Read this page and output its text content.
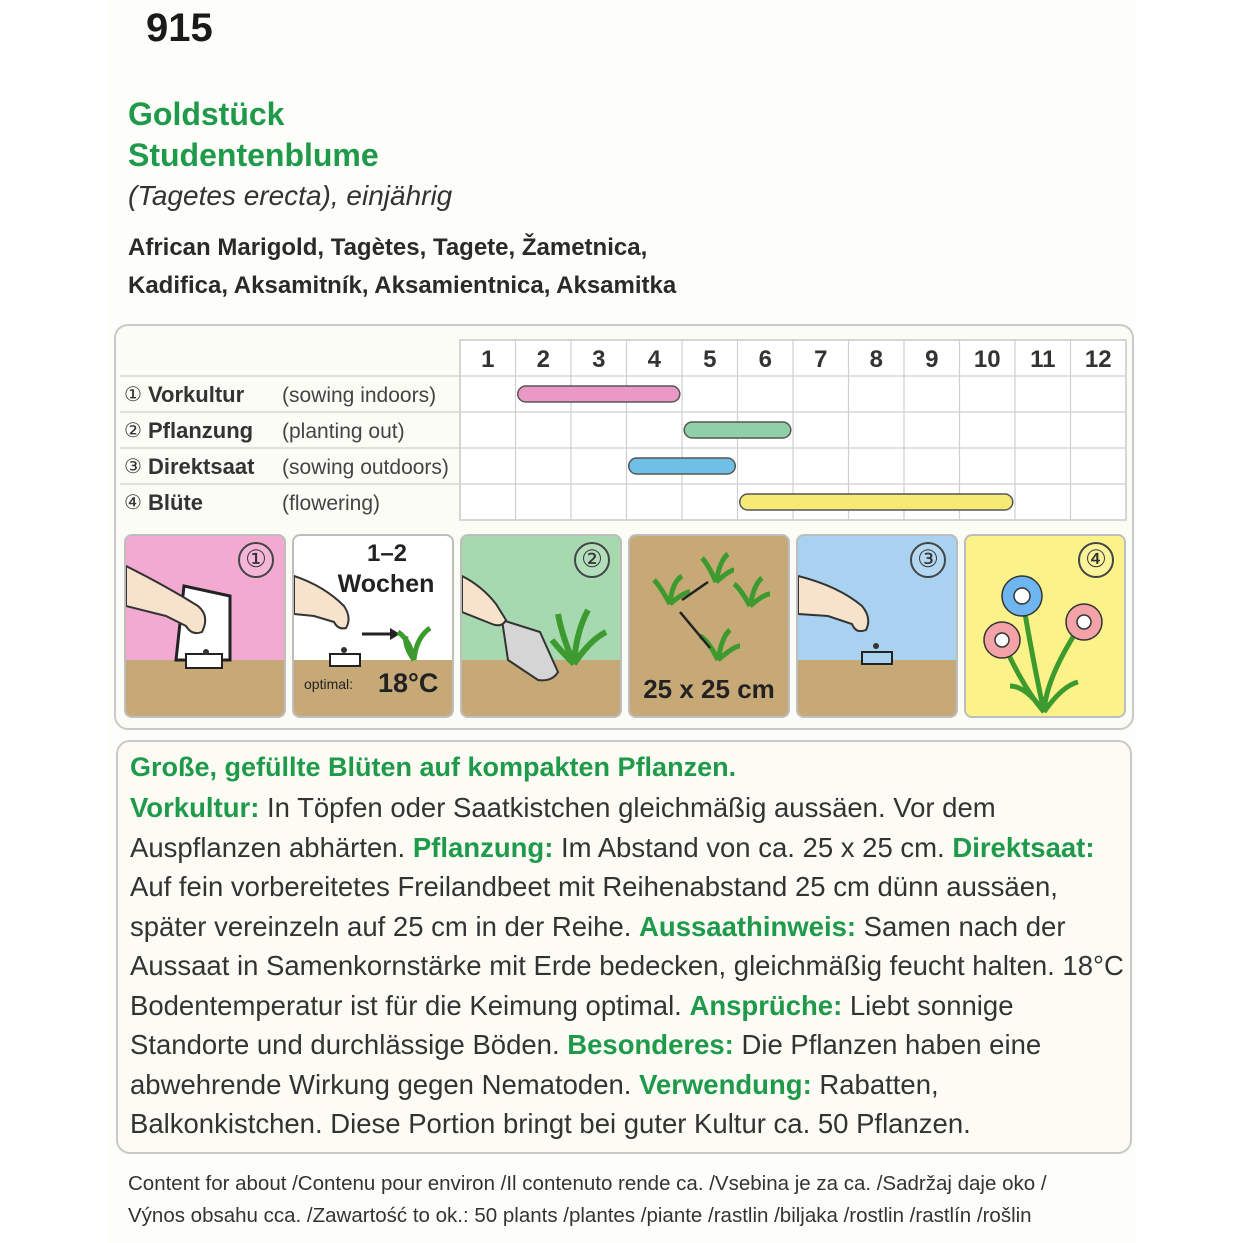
915
Goldstück
Studentenblume
(Tagetes erecta), einjährig
African Marigold, Tagètes, Tagete, Žametnica,
Kadifica, Aksamitník, Aksamientnica, Aksamitka
1 2 3 4 5 6 7 8 9 10 11 12
① Vorkultur (sowing indoors)
② Pflanzung (planting out)
③ Direktsaat (sowing outdoors)
④ Blüte	(flowering)
①	1–2
Wochen
optimal: 18°C
②
25 x 25 cm
③	④
Große, gefüllte Blüten auf kompakten Pflanzen.

Vorkultur: In Töpfen oder Saatkistchen gleichmäßig aussäen. Vor dem Auspflanzen abhärten. Pflanzung: Im Abstand von ca. 25 x 25 cm. Direktsaat: Auf fein vorbereitetes Freilandbeet mit Reihenabstand 25 cm dünn aussäen, später vereinzeln auf 25 cm in der Reihe. Aussaathinweis: Samen nach der Aussaat in Samenkornstärke mit Erde bedecken, gleichmäßig feucht halten. 18°C Bodentemperatur ist für die Keimung optimal. Ansprüche: Liebt sonnige Standorte und durchlässige Böden. Besonderes: Die Pflanzen haben eine abwehrende Wirkung gegen Nematoden. Verwendung: Rabatten, Balkonkistchen. Diese Portion bringt bei guter Kultur ca. 50 Pflanzen.

Content for about /Contenu pour environ /Il contenuto rende ca. /Vsebina je za ca. /Sadržaj daje oko /
Výnos obsahu cca. /Zawartość to ok.: 50 plants /plantes /piante /rastlin /biljaka /rostlin /rastlín /rošlin
